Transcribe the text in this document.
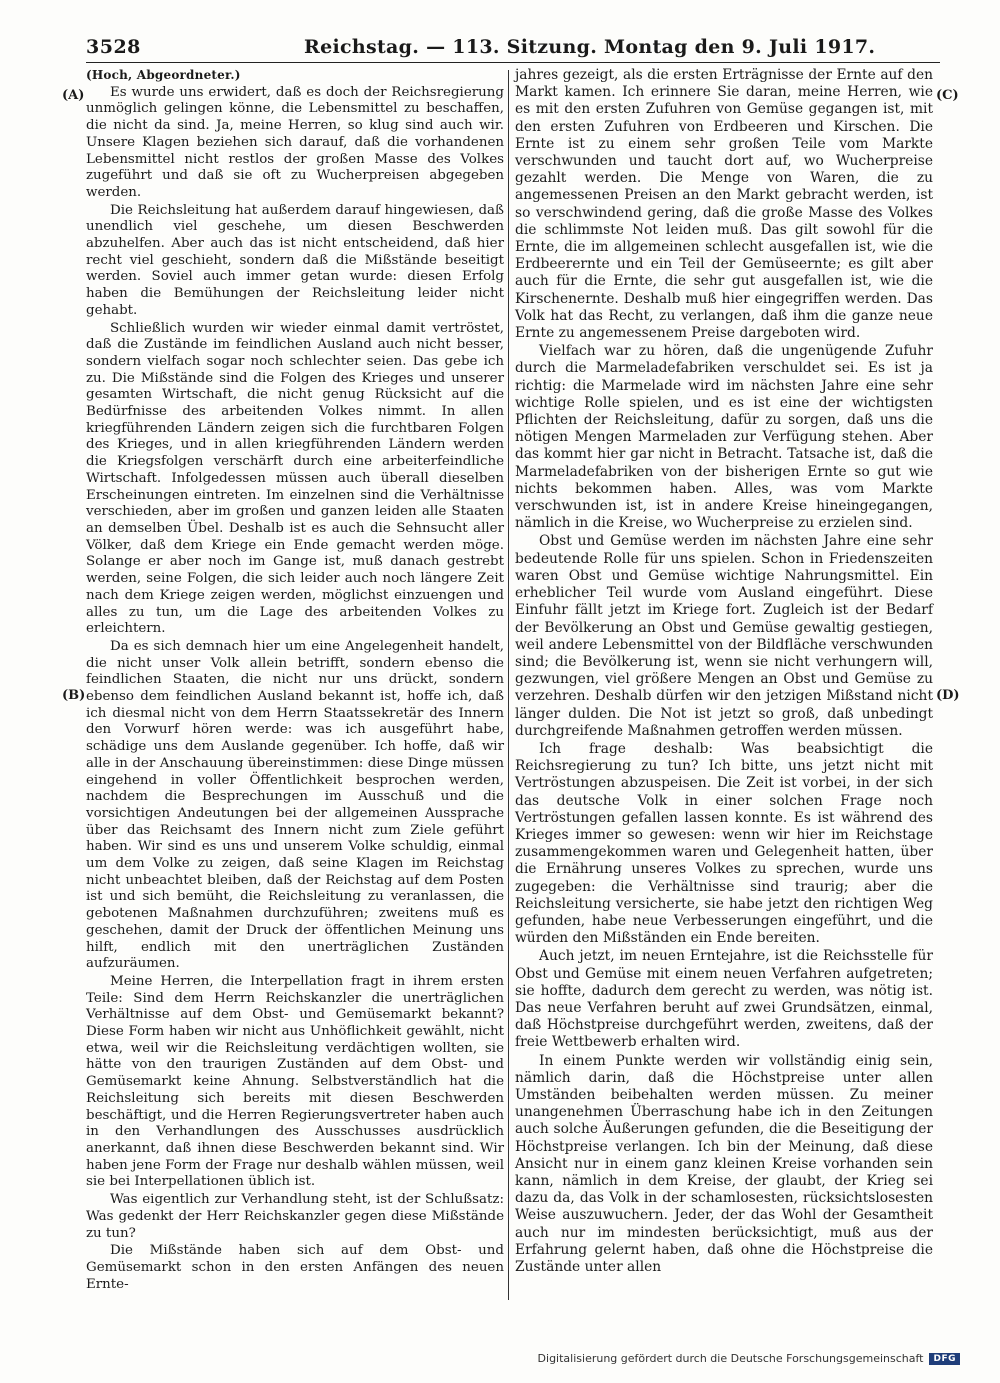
3528	Reichstag. — 113. Sitzung. Montag den 9. Juli 1917.
(A)
(B)
(C)
(D)
(Hoch, Abgeordneter.)

Es wurde uns erwidert, daß es doch der Reichsregierung unmöglich gelingen könne, die Lebensmittel zu beschaffen, die nicht da sind. Ja, meine Herren, so klug sind auch wir. Unsere Klagen beziehen sich darauf, daß die vorhandenen Lebensmittel nicht restlos der großen Masse des Volkes zugeführt und daß sie oft zu Wucherpreisen abgegeben werden.

Die Reichsleitung hat außerdem darauf hingewiesen, daß unendlich viel geschehe, um diesen Beschwerden abzuhelfen. Aber auch das ist nicht entscheidend, daß hier recht viel geschieht, sondern daß die Mißstände beseitigt werden. Soviel auch immer getan wurde: diesen Erfolg haben die Bemühungen der Reichsleitung leider nicht gehabt.

Schließlich wurden wir wieder einmal damit vertröstet, daß die Zustände im feindlichen Ausland auch nicht besser, sondern vielfach sogar noch schlechter seien. Das gebe ich zu. Die Mißstände sind die Folgen des Krieges und unserer gesamten Wirtschaft, die nicht genug Rücksicht auf die Bedürfnisse des arbeitenden Volkes nimmt. In allen kriegführenden Ländern zeigen sich die furchtbaren Folgen des Krieges, und in allen kriegführenden Ländern werden die Kriegsfolgen verschärft durch eine arbeiterfeindliche Wirtschaft. Infolgedessen müssen auch überall dieselben Erscheinungen eintreten. Im einzelnen sind die Verhältnisse verschieden, aber im großen und ganzen leiden alle Staaten an demselben Übel. Deshalb ist es auch die Sehnsucht aller Völker, daß dem Kriege ein Ende gemacht werden möge. Solange er aber noch im Gange ist, muß danach gestrebt werden, seine Folgen, die sich leider auch noch längere Zeit nach dem Kriege zeigen werden, möglichst einzuengen und alles zu tun, um die Lage des arbeitenden Volkes zu erleichtern.

Da es sich demnach hier um eine Angelegenheit handelt, die nicht unser Volk allein betrifft, sondern ebenso die feindlichen Staaten, die nicht nur uns drückt, sondern ebenso dem feindlichen Ausland bekannt ist, hoffe ich, daß ich diesmal nicht von dem Herrn Staatssekretär des Innern den Vorwurf hören werde: was ich ausgeführt habe, schädige uns dem Auslande gegenüber. Ich hoffe, daß wir alle in der Anschauung übereinstimmen: diese Dinge müssen eingehend in voller Öffentlichkeit besprochen werden, nachdem die Besprechungen im Ausschuß und die vorsichtigen Andeutungen bei der allgemeinen Aussprache über das Reichsamt des Innern nicht zum Ziele geführt haben. Wir sind es uns und unserem Volke schuldig, einmal um dem Volke zu zeigen, daß seine Klagen im Reichstag nicht unbeachtet bleiben, daß der Reichstag auf dem Posten ist und sich bemüht, die Reichsleitung zu veranlassen, die gebotenen Maßnahmen durchzuführen; zweitens muß es geschehen, damit der Druck der öffentlichen Meinung uns hilft, endlich mit den unerträglichen Zuständen aufzuräumen.

Meine Herren, die Interpellation fragt in ihrem ersten Teile: Sind dem Herrn Reichskanzler die unerträglichen Verhältnisse auf dem Obst- und Gemüsemarkt bekannt? Diese Form haben wir nicht aus Unhöflichkeit gewählt, nicht etwa, weil wir die Reichsleitung verdächtigen wollten, sie hätte von den traurigen Zuständen auf dem Obst- und Gemüsemarkt keine Ahnung. Selbstverständlich hat die Reichsleitung sich bereits mit diesen Beschwerden beschäftigt, und die Herren Regierungsvertreter haben auch in den Verhandlungen des Ausschusses ausdrücklich anerkannt, daß ihnen diese Beschwerden bekannt sind. Wir haben jene Form der Frage nur deshalb wählen müssen, weil sie bei Interpellationen üblich ist.

Was eigentlich zur Verhandlung steht, ist der Schlußsatz: Was gedenkt der Herr Reichskanzler gegen diese Mißstände zu tun?

Die Mißstände haben sich auf dem Obst- und Gemüsemarkt schon in den ersten Anfängen des neuen Ernte-

jahres gezeigt, als die ersten Erträgnisse der Ernte auf den Markt kamen. Ich erinnere Sie daran, meine Herren, wie es mit den ersten Zufuhren von Gemüse gegangen ist, mit den ersten Zufuhren von Erdbeeren und Kirschen. Die Ernte ist zu einem sehr großen Teile vom Markte verschwunden und taucht dort auf, wo Wucherpreise gezahlt werden. Die Menge von Waren, die zu angemessenen Preisen an den Markt gebracht werden, ist so verschwindend gering, daß die große Masse des Volkes die schlimmste Not leiden muß. Das gilt sowohl für die Ernte, die im allgemeinen schlecht ausgefallen ist, wie die Erdbeerernte und ein Teil der Gemüseernte; es gilt aber auch für die Ernte, die sehr gut ausgefallen ist, wie die Kirschenernte. Deshalb muß hier eingegriffen werden. Das Volk hat das Recht, zu verlangen, daß ihm die ganze neue Ernte zu angemessenem Preise dargeboten wird.

Vielfach war zu hören, daß die ungenügende Zufuhr durch die Marmeladefabriken verschuldet sei. Es ist ja richtig: die Marmelade wird im nächsten Jahre eine sehr wichtige Rolle spielen, und es ist eine der wichtigsten Pflichten der Reichsleitung, dafür zu sorgen, daß uns die nötigen Mengen Marmeladen zur Verfügung stehen. Aber das kommt hier gar nicht in Betracht. Tatsache ist, daß die Marmeladefabriken von der bisherigen Ernte so gut wie nichts bekommen haben. Alles, was vom Markte verschwunden ist, ist in andere Kreise hineingegangen, nämlich in die Kreise, wo Wucherpreise zu erzielen sind.

Obst und Gemüse werden im nächsten Jahre eine sehr bedeutende Rolle für uns spielen. Schon in Friedenszeiten waren Obst und Gemüse wichtige Nahrungsmittel. Ein erheblicher Teil wurde vom Ausland eingeführt. Diese Einfuhr fällt jetzt im Kriege fort. Zugleich ist der Bedarf der Bevölkerung an Obst und Gemüse gewaltig gestiegen, weil andere Lebensmittel von der Bildfläche verschwunden sind; die Bevölkerung ist, wenn sie nicht verhungern will, gezwungen, viel größere Mengen an Obst und Gemüse zu verzehren. Deshalb dürfen wir den jetzigen Mißstand nicht länger dulden. Die Not ist jetzt so groß, daß unbedingt durchgreifende Maßnahmen getroffen werden müssen.

Ich frage deshalb: Was beabsichtigt die Reichsregierung zu tun? Ich bitte, uns jetzt nicht mit Vertröstungen abzuspeisen. Die Zeit ist vorbei, in der sich das deutsche Volk in einer solchen Frage noch Vertröstungen gefallen lassen konnte. Es ist während des Krieges immer so gewesen: wenn wir hier im Reichstage zusammengekommen waren und Gelegenheit hatten, über die Ernährung unseres Volkes zu sprechen, wurde uns zugegeben: die Verhältnisse sind traurig; aber die Reichsleitung versicherte, sie habe jetzt den richtigen Weg gefunden, habe neue Verbesserungen eingeführt, und die würden den Mißständen ein Ende bereiten.

Auch jetzt, im neuen Erntejahre, ist die Reichsstelle für Obst und Gemüse mit einem neuen Verfahren aufgetreten; sie hoffte, dadurch dem gerecht zu werden, was nötig ist. Das neue Verfahren beruht auf zwei Grundsätzen, einmal, daß Höchstpreise durchgeführt werden, zweitens, daß der freie Wettbewerb erhalten wird.

In einem Punkte werden wir vollständig einig sein, nämlich darin, daß die Höchstpreise unter allen Umständen beibehalten werden müssen. Zu meiner unangenehmen Überraschung habe ich in den Zeitungen auch solche Äußerungen gefunden, die die Beseitigung der Höchstpreise verlangen. Ich bin der Meinung, daß diese Ansicht nur in einem ganz kleinen Kreise vorhanden sein kann, nämlich in dem Kreise, der glaubt, der Krieg sei dazu da, das Volk in der schamlosesten, rücksichtslosesten Weise auszuwuchern. Jeder, der das Wohl der Gesamtheit auch nur im mindesten berücksichtigt, muß aus der Erfahrung gelernt haben, daß ohne die Höchstpreise die Zustände unter allen

Digitalisierung gefördert durch die Deutsche Forschungsgemeinschaft	DFG
